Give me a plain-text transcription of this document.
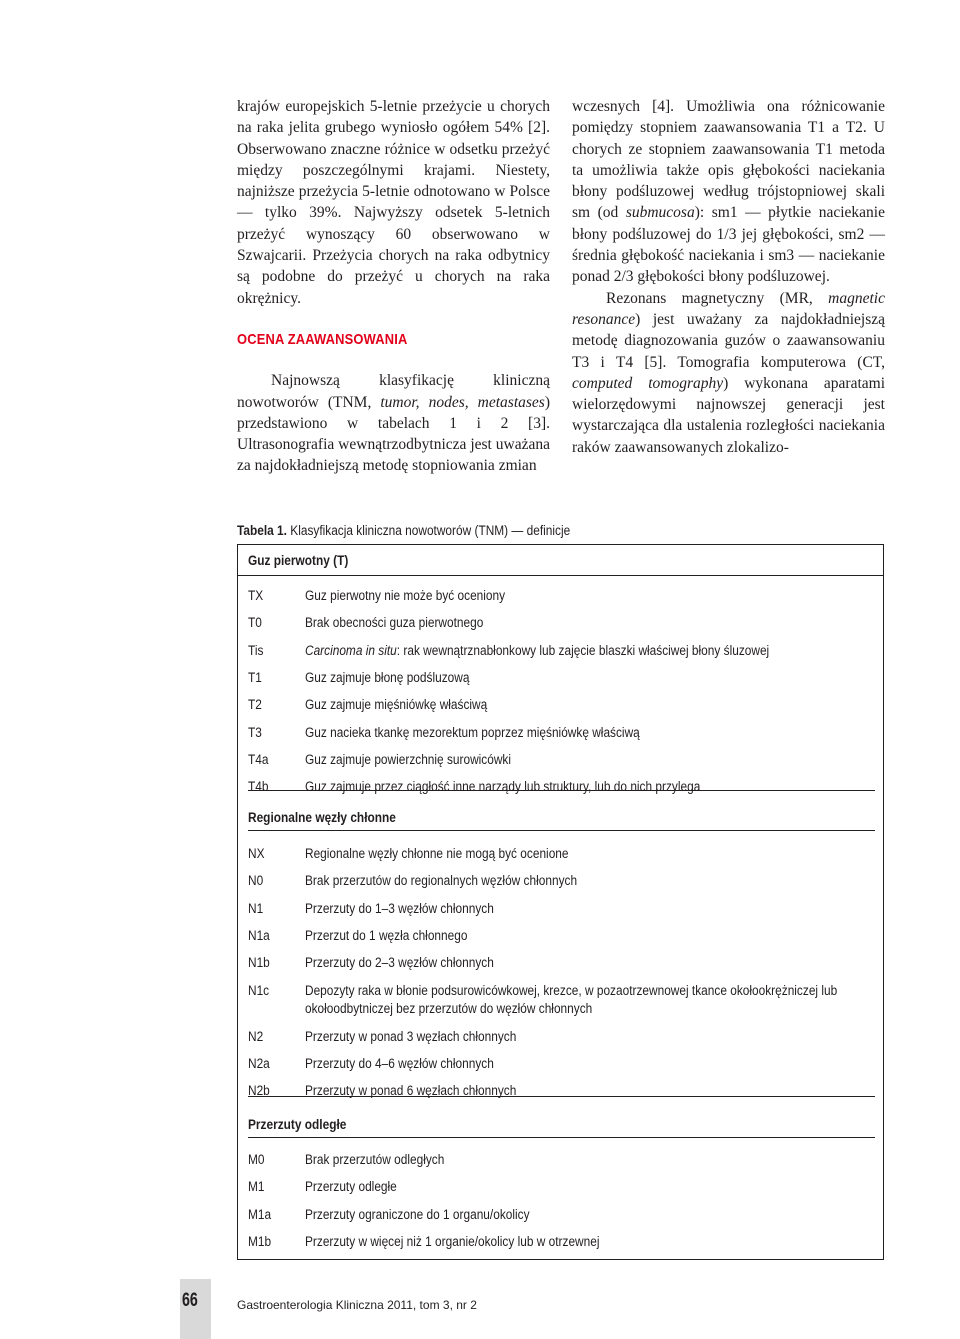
krajów europejskich 5-letnie przeżycie u chorych na raka jelita grubego wyniosło ogółem 54% [2]. Obserwowano znaczne różnice w odsetku przeżyć między poszczególnymi krajami. Niestety, najniższe przeżycia 5-letnie odnotowano w Polsce — tylko 39%. Najwyższy odsetek 5-letnich przeżyć wynoszący 60 obserwowano w Szwajcarii. Przeżycia chorych na raka odbytnicy są podobne do przeżyć u chorych na raka okrężnicy.

OCENA ZAAWANSOWANIA

Najnowszą klasyfikację kliniczną nowotworów (TNM, tumor, nodes, metastases) przedstawiono w tabelach 1 i 2 [3]. Ultrasonografia wewnątrzodbytnicza jest uważana za najdokładniejszą metodę stopniowania zmian

wczesnych [4]. Umożliwia ona różnicowanie pomiędzy stopniem zaawansowania T1 a T2. U chorych ze stopniem zaawansowania T1 metoda ta umożliwia także opis głębokości naciekania błony podśluzowej według trójstopniowej skali sm (od submucosa): sm1 — płytkie naciekanie błony podśluzowej do 1/3 jej głębokości, sm2 — średnia głębokość naciekania i sm3 — naciekanie ponad 2/3 głębokości błony podśluzowej.

Rezonans magnetyczny (MR, magnetic resonance) jest uważany za najdokładniejszą metodę diagnozowania guzów o zaawansowaniu T3 i T4 [5]. Tomografia komputerowa (CT, computed tomography) wykonana aparatami wielorzędowymi najnowszej generacji jest wystarczająca dla ustalenia rozległości naciekania raków zaawansowanych zlokalizo-

Tabela 1. Klasyfikacja kliniczna nowotworów (TNM) — definicje
Guz pierwotny (T)
TX	Guz pierwotny nie może być oceniony
T0	Brak obecności guza pierwotnego
Tis	Carcinoma in situ: rak wewnątrznabłonkowy lub zajęcie blaszki właściwej błony śluzowej
T1	Guz zajmuje błonę podśluzową
T2	Guz zajmuje mięśniówkę właściwą
T3	Guz nacieka tkankę mezorektum poprzez mięśniówkę właściwą
T4a	Guz zajmuje powierzchnię surowicówki
T4b	Guz zajmuje przez ciągłość inne narządy lub struktury, lub do nich przylega
Regionalne węzły chłonne
NX	Regionalne węzły chłonne nie mogą być ocenione
N0	Brak przerzutów do regionalnych węzłów chłonnych
N1	Przerzuty do 1–3 węzłów chłonnych
N1a	Przerzut do 1 węzła chłonnego
N1b	Przerzuty do 2–3 węzłów chłonnych
N1c	Depozyty raka w błonie podsurowicówkowej, krezce, w pozaotrzewnowej tkance okołookrężniczej lub okołoodbytniczej bez przerzutów do węzłów chłonnych
N2	Przerzuty w ponad 3 węzłach chłonnych
N2a	Przerzuty do 4–6 węzłów chłonnych
N2b	Przerzuty w ponad 6 węzłach chłonnych
Przerzuty odległe
M0	Brak przerzutów odległych
M1	Przerzuty odległe
M1a	Przerzuty ograniczone do 1 organu/okolicy
M1b	Przerzuty w więcej niż 1 organie/okolicy lub w otrzewnej
66	Gastroenterologia Kliniczna 2011, tom 3, nr 2
